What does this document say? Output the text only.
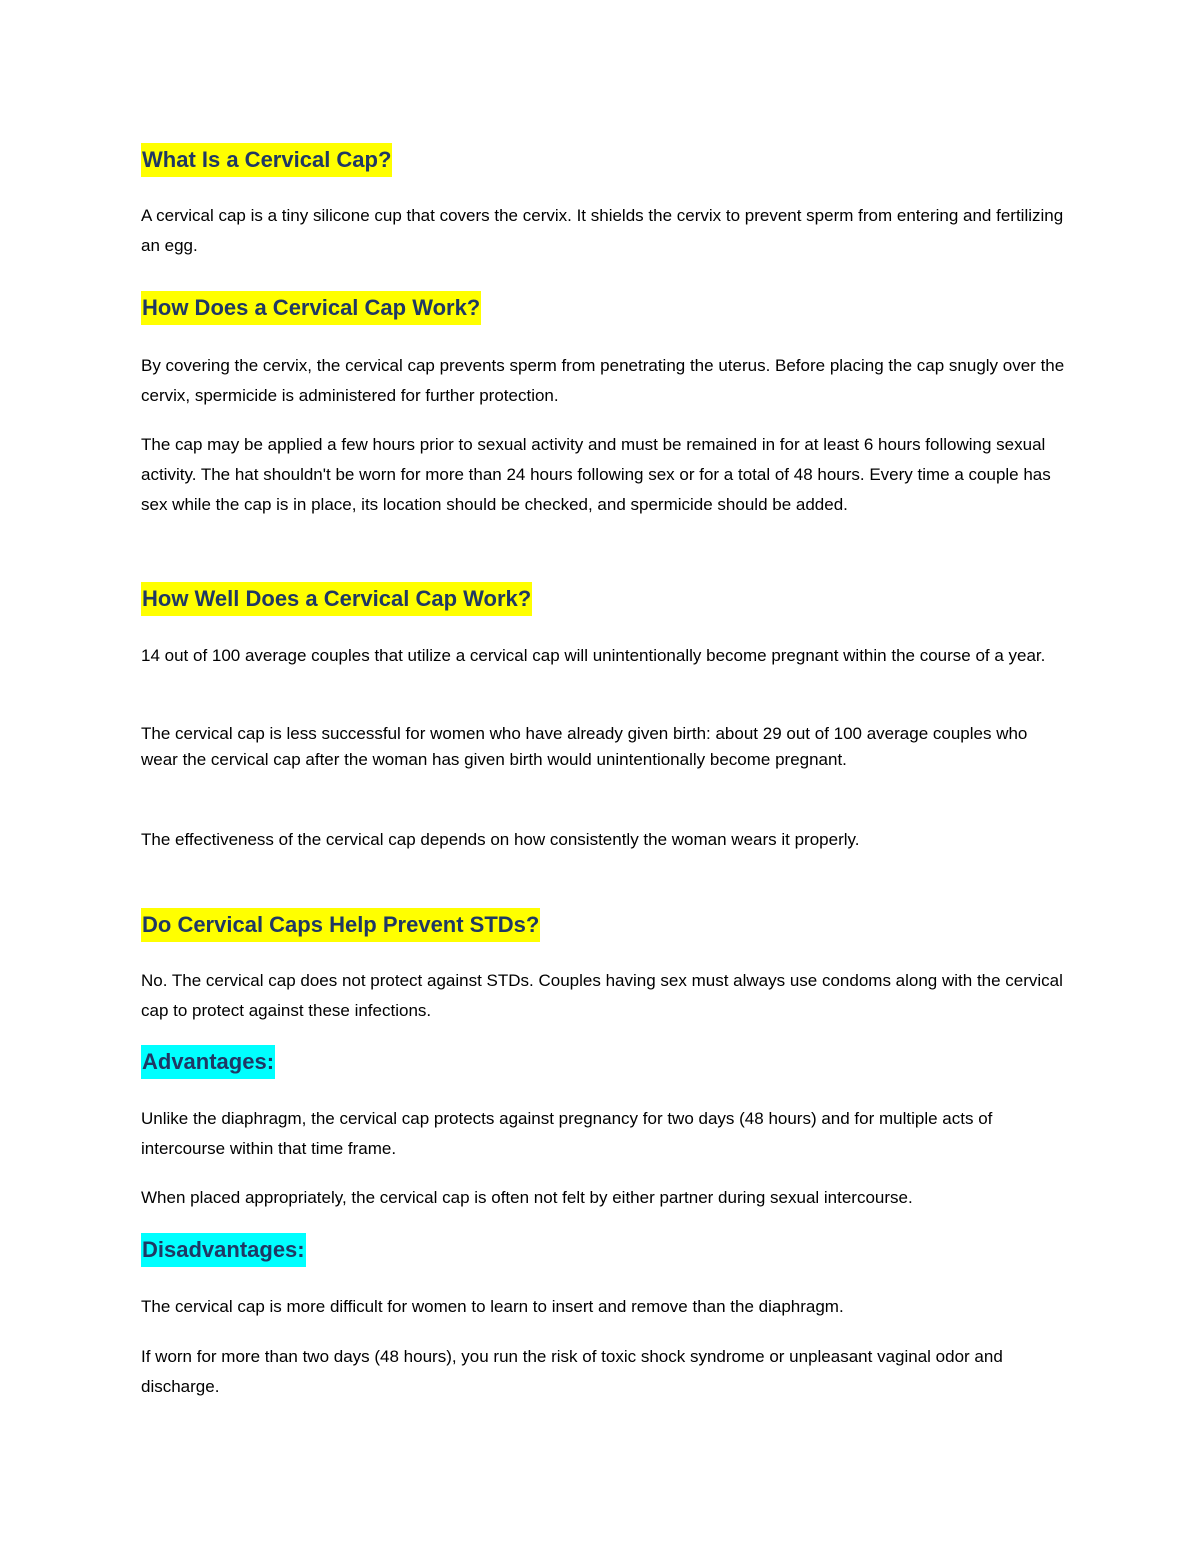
What Is a Cervical Cap?

A cervical cap is a tiny silicone cup that covers the cervix. It shields the cervix to prevent sperm from entering and fertilizing an egg.

How Does a Cervical Cap Work?

By covering the cervix, the cervical cap prevents sperm from penetrating the uterus. Before placing the cap snugly over the cervix, spermicide is administered for further protection.

The cap may be applied a few hours prior to sexual activity and must be remained in for at least 6 hours following sexual activity. The hat shouldn't be worn for more than 24 hours following sex or for a total of 48 hours. Every time a couple has sex while the cap is in place, its location should be checked, and spermicide should be added.

How Well Does a Cervical Cap Work?

14 out of 100 average couples that utilize a cervical cap will unintentionally become pregnant within the course of a year.

The cervical cap is less successful for women who have already given birth: about 29 out of 100 average couples who wear the cervical cap after the woman has given birth would unintentionally become pregnant.

The effectiveness of the cervical cap depends on how consistently the woman wears it properly.

Do Cervical Caps Help Prevent STDs?

No. The cervical cap does not protect against STDs. Couples having sex must always use condoms along with the cervical cap to protect against these infections.

Advantages:

Unlike the diaphragm, the cervical cap protects against pregnancy for two days (48 hours) and for multiple acts of intercourse within that time frame.

When placed appropriately, the cervical cap is often not felt by either partner during sexual intercourse.

Disadvantages:

The cervical cap is more difficult for women to learn to insert and remove than the diaphragm.

If worn for more than two days (48 hours), you run the risk of toxic shock syndrome or unpleasant vaginal odor and discharge.
